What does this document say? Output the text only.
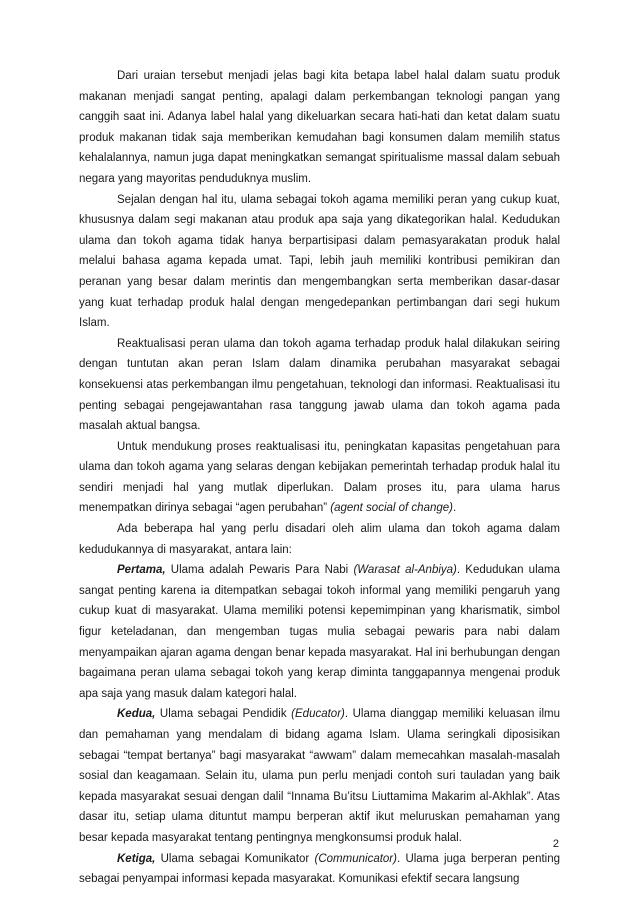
Dari uraian tersebut menjadi jelas bagi kita betapa label halal dalam suatu produk makanan menjadi sangat penting, apalagi dalam perkembangan teknologi pangan yang canggih saat ini. Adanya label halal yang dikeluarkan secara hati-hati dan ketat dalam suatu produk makanan tidak saja memberikan kemudahan bagi konsumen dalam memilih status kehalalannya, namun juga dapat meningkatkan semangat spiritualisme massal dalam sebuah negara yang mayoritas penduduknya muslim.

Sejalan dengan hal itu, ulama sebagai tokoh agama memiliki peran yang cukup kuat, khususnya dalam segi makanan atau produk apa saja yang dikategorikan halal. Kedudukan ulama dan tokoh agama tidak hanya berpartisipasi dalam pemasyarakatan produk halal melalui bahasa agama kepada umat. Tapi, lebih jauh memiliki kontribusi pemikiran dan peranan yang besar dalam merintis dan mengembangkan serta memberikan dasar-dasar yang kuat terhadap produk halal dengan mengedepankan pertimbangan dari segi hukum Islam.

Reaktualisasi peran ulama dan tokoh agama terhadap produk halal dilakukan seiring dengan tuntutan akan peran Islam dalam dinamika perubahan masyarakat sebagai konsekuensi atas perkembangan ilmu pengetahuan, teknologi dan informasi. Reaktualisasi itu penting sebagai pengejawantahan rasa tanggung jawab ulama dan tokoh agama pada masalah aktual bangsa.

Untuk mendukung proses reaktualisasi itu, peningkatan kapasitas pengetahuan para ulama dan tokoh agama yang selaras dengan kebijakan pemerintah terhadap produk halal itu sendiri menjadi hal yang mutlak diperlukan. Dalam proses itu, para ulama harus menempatkan dirinya sebagai “agen perubahan” (agent social of change).

Ada beberapa hal yang perlu disadari oleh alim ulama dan tokoh agama dalam kedudukannya di masyarakat, antara lain:

Pertama, Ulama adalah Pewaris Para Nabi (Warasat al-Anbiya). Kedudukan ulama sangat penting karena ia ditempatkan sebagai tokoh informal yang memiliki pengaruh yang cukup kuat di masyarakat. Ulama memiliki potensi kepemimpinan yang kharismatik, simbol figur keteladanan, dan mengemban tugas mulia sebagai pewaris para nabi dalam menyampaikan ajaran agama dengan benar kepada masyarakat. Hal ini berhubungan dengan bagaimana peran ulama sebagai tokoh yang kerap diminta tanggapannya mengenai produk apa saja yang masuk dalam kategori halal.

Kedua, Ulama sebagai Pendidik (Educator). Ulama dianggap memiliki keluasan ilmu dan pemahaman yang mendalam di bidang agama Islam. Ulama seringkali diposisikan sebagai “tempat bertanya” bagi masyarakat “awwam” dalam memecahkan masalah-masalah sosial dan keagamaan. Selain itu, ulama pun perlu menjadi contoh suri tauladan yang baik kepada masyarakat sesuai dengan dalil “Innama Bu’itsu Liuttamima Makarim al-Akhlak”. Atas dasar itu, setiap ulama dituntut mampu berperan aktif ikut meluruskan pemahaman yang besar kepada masyarakat tentang pentingnya mengkonsumsi produk halal.

Ketiga, Ulama sebagai Komunikator (Communicator). Ulama juga berperan penting sebagai penyampai informasi kepada masyarakat. Komunikasi efektif secara langsung

2
